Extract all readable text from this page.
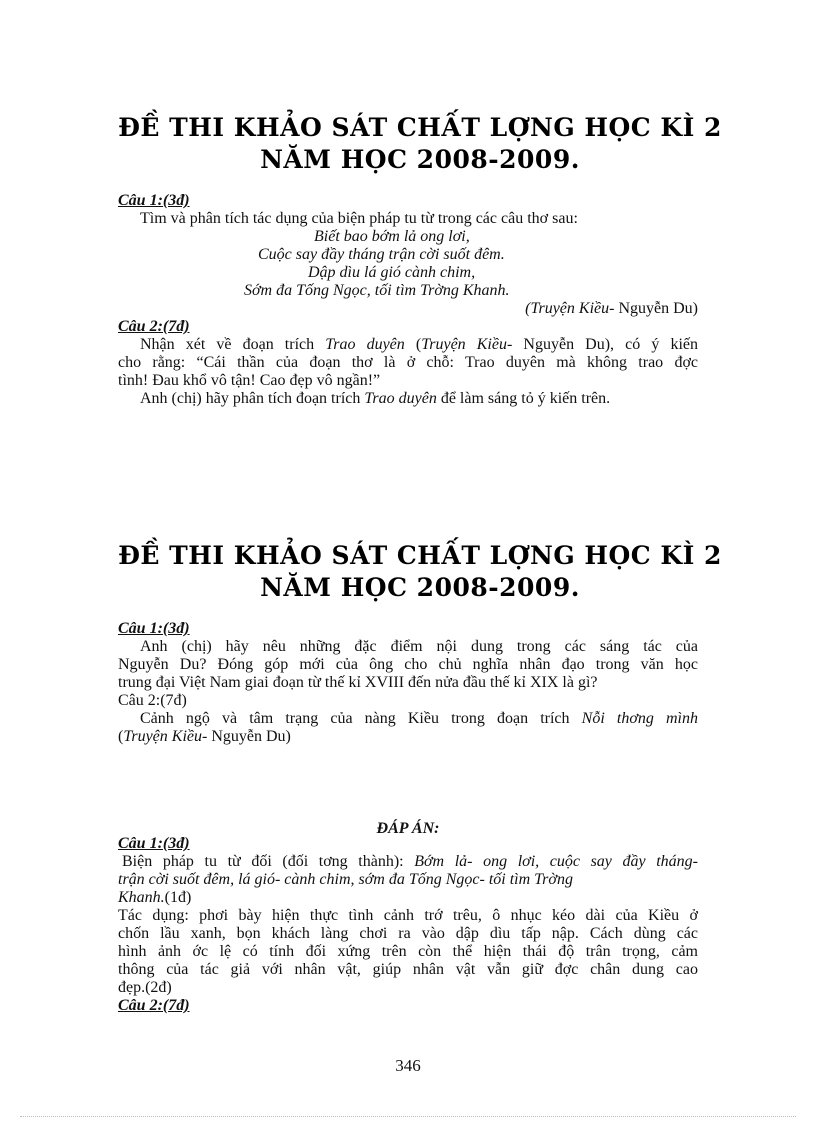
ĐỀ THI KHẢO SÁT CHẤT LỢNG HỌC KÌ 2
NĂM HỌC 2008-2009.
Câu 1:(3đ)
Tìm và phân tích tác dụng của biện pháp tu từ trong các câu thơ sau:
Biết bao bớm lả ong lơi,
Cuộc say đầy tháng trận cời suốt đêm.
Dập dìu lá gió cành chim,
Sớm đa Tống Ngọc, tối tìm Trờng Khanh.
(Truyện Kiều- Nguyễn Du)
Câu 2:(7đ)
Nhận xét về đoạn trích Trao duyên (Truyện Kiều- Nguyễn Du), có ý kiến
cho rằng: “Cái thần của đoạn thơ là ở chỗ: Trao duyên mà không trao đợc
tình! Đau khổ vô tận! Cao đẹp vô ngần!”
Anh (chị) hãy phân tích đoạn trích Trao duyên để làm sáng tỏ ý kiến trên.
ĐỀ THI KHẢO SÁT CHẤT LỢNG HỌC KÌ 2
NĂM HỌC 2008-2009.
Câu 1:(3đ)
Anh (chị) hãy nêu những đặc điểm nội dung trong các sáng tác của
Nguyễn Du? Đóng góp mới của ông cho chủ nghĩa nhân đạo trong văn học
trung đại Việt Nam giai đoạn từ thế kỉ XVIII đến nửa đầu thế kỉ XIX là gì?
Câu 2:(7đ)
Cảnh ngộ và tâm trạng của nàng Kiều trong đoạn trích Nỗi thơng mình
(Truyện Kiều- Nguyễn Du)
ĐÁP ÁN:
Câu 1:(3đ)
Biện pháp tu từ đối (đối tơng thành): Bớm lả- ong lơi, cuộc say đầy tháng-
trận cời suốt đêm, lá gió- cành chim, sớm đa Tống Ngọc- tối tìm Trờng
Khanh.(1đ)
Tác dụng: phơi bày hiện thực tình cảnh trớ trêu, ô nhục kéo dài của Kiều ở
chốn lầu xanh, bọn khách làng chơi ra vào dập dìu tấp nập. Cách dùng các
hình ảnh ớc lệ có tính đối xứng trên còn thể hiện thái độ trân trọng, cảm
thông của tác giả với nhân vật, giúp nhân vật vẫn giữ đợc chân dung cao
đẹp.(2đ)
Câu 2:(7đ)
346
